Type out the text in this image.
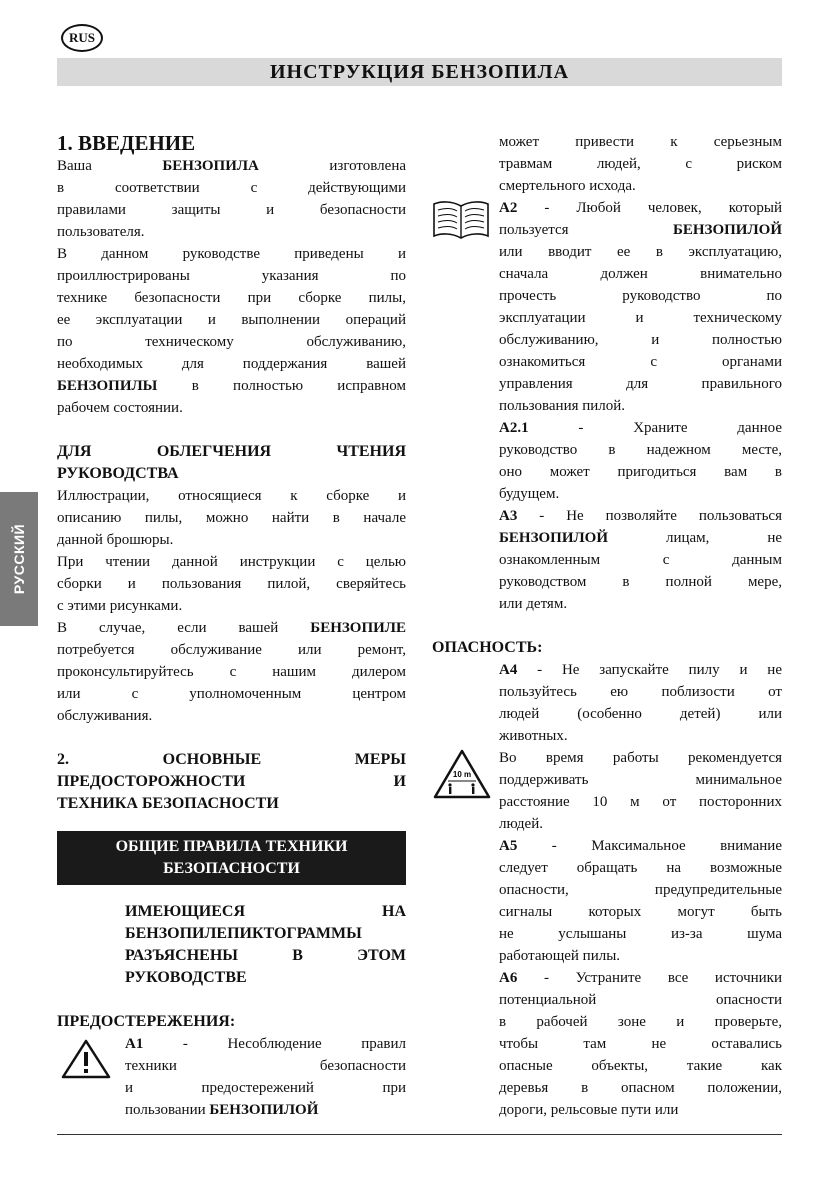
RUS
ИНСТРУКЦИЯ БЕНЗОПИЛА
РУССКИЙ
1. ВВЕДЕНИЕ

Ваша БЕНЗОПИЛА изготовлена

в соответствии с действующими

правилами защиты и безопасности

пользователя.

В данном руководстве приведены и

проиллюстрированы указания по

технике безопасности при сборке пилы,

ее эксплуатации и выполнении операций

по техническому обслуживанию,

необходимых для поддержания вашей

БЕНЗОПИЛЫ в полностью исправном

рабочем состоянии.

ДЛЯ ОБЛЕГЧЕНИЯ ЧТЕНИЯ

РУКОВОДСТВА

Иллюстрации, относящиеся к сборке и

описанию пилы, можно найти в начале

данной брошюры.

При чтении данной инструкции с целью

сборки и пользования пилой, сверяйтесь

с этими рисунками.

В случае, если вашей БЕНЗОПИЛЕ

потребуется обслуживание или ремонт,

проконсультируйтесь с нашим дилером

или с уполномоченным центром

обслуживания.

2. ОСНОВНЫЕ МЕРЫ

ПРЕДОСТОРОЖНОСТИ И

ТЕХНИКА БЕЗОПАСНОСТИ

ОБЩИЕ ПРАВИЛА ТЕХНИКИ
БЕЗОПАСНОСТИ

ИМЕЮЩИЕСЯ НА

БЕНЗОПИЛЕПИКТОГРАММЫ

РАЗЪЯСНЕНЫ В ЭТОМ

РУКОВОДСТВЕ

ПРЕДОСТЕРЕЖЕНИЯ:

A1 - Несоблюдение правил

техники безопасности

и предостережений при

пользовании БЕНЗОПИЛОЙ

может привести к серьезным

травмам людей, с риском

смертельного исхода.

A2 - Любой человек, который

пользуется БЕНЗОПИЛОЙ

или вводит ее в эксплуатацию,

сначала должен внимательно

прочесть руководство по

эксплуатации и техническому

обслуживанию, и полностью

ознакомиться с органами

управления для правильного

пользования пилой.

A2.1 - Храните данное

руководство в надежном месте,

оно может пригодиться вам в

будущем.

A3 - Не позволяйте пользоваться

БЕНЗОПИЛОЙ лицам, не

ознакомленным с данным

руководством в полной мере,

или детям.

ОПАСНОСТЬ:

A4 - Не запускайте пилу и не

пользуйтесь ею поблизости от

людей (особенно детей) или

животных.

Во время работы рекомендуется

поддерживать минимальное

расстояние 10 м от посторонних

людей.

A5 - Максимальное внимание

следует обращать на возможные

опасности, предупредительные

сигналы которых могут быть

не услышаны из-за шума

работающей пилы.

A6 - Устраните все источники

потенциальной опасности

в рабочей зоне и проверьте,

чтобы там не оставались

опасные объекты, такие как

деревья в опасном положении,

дороги, рельсовые пути или

10 m
